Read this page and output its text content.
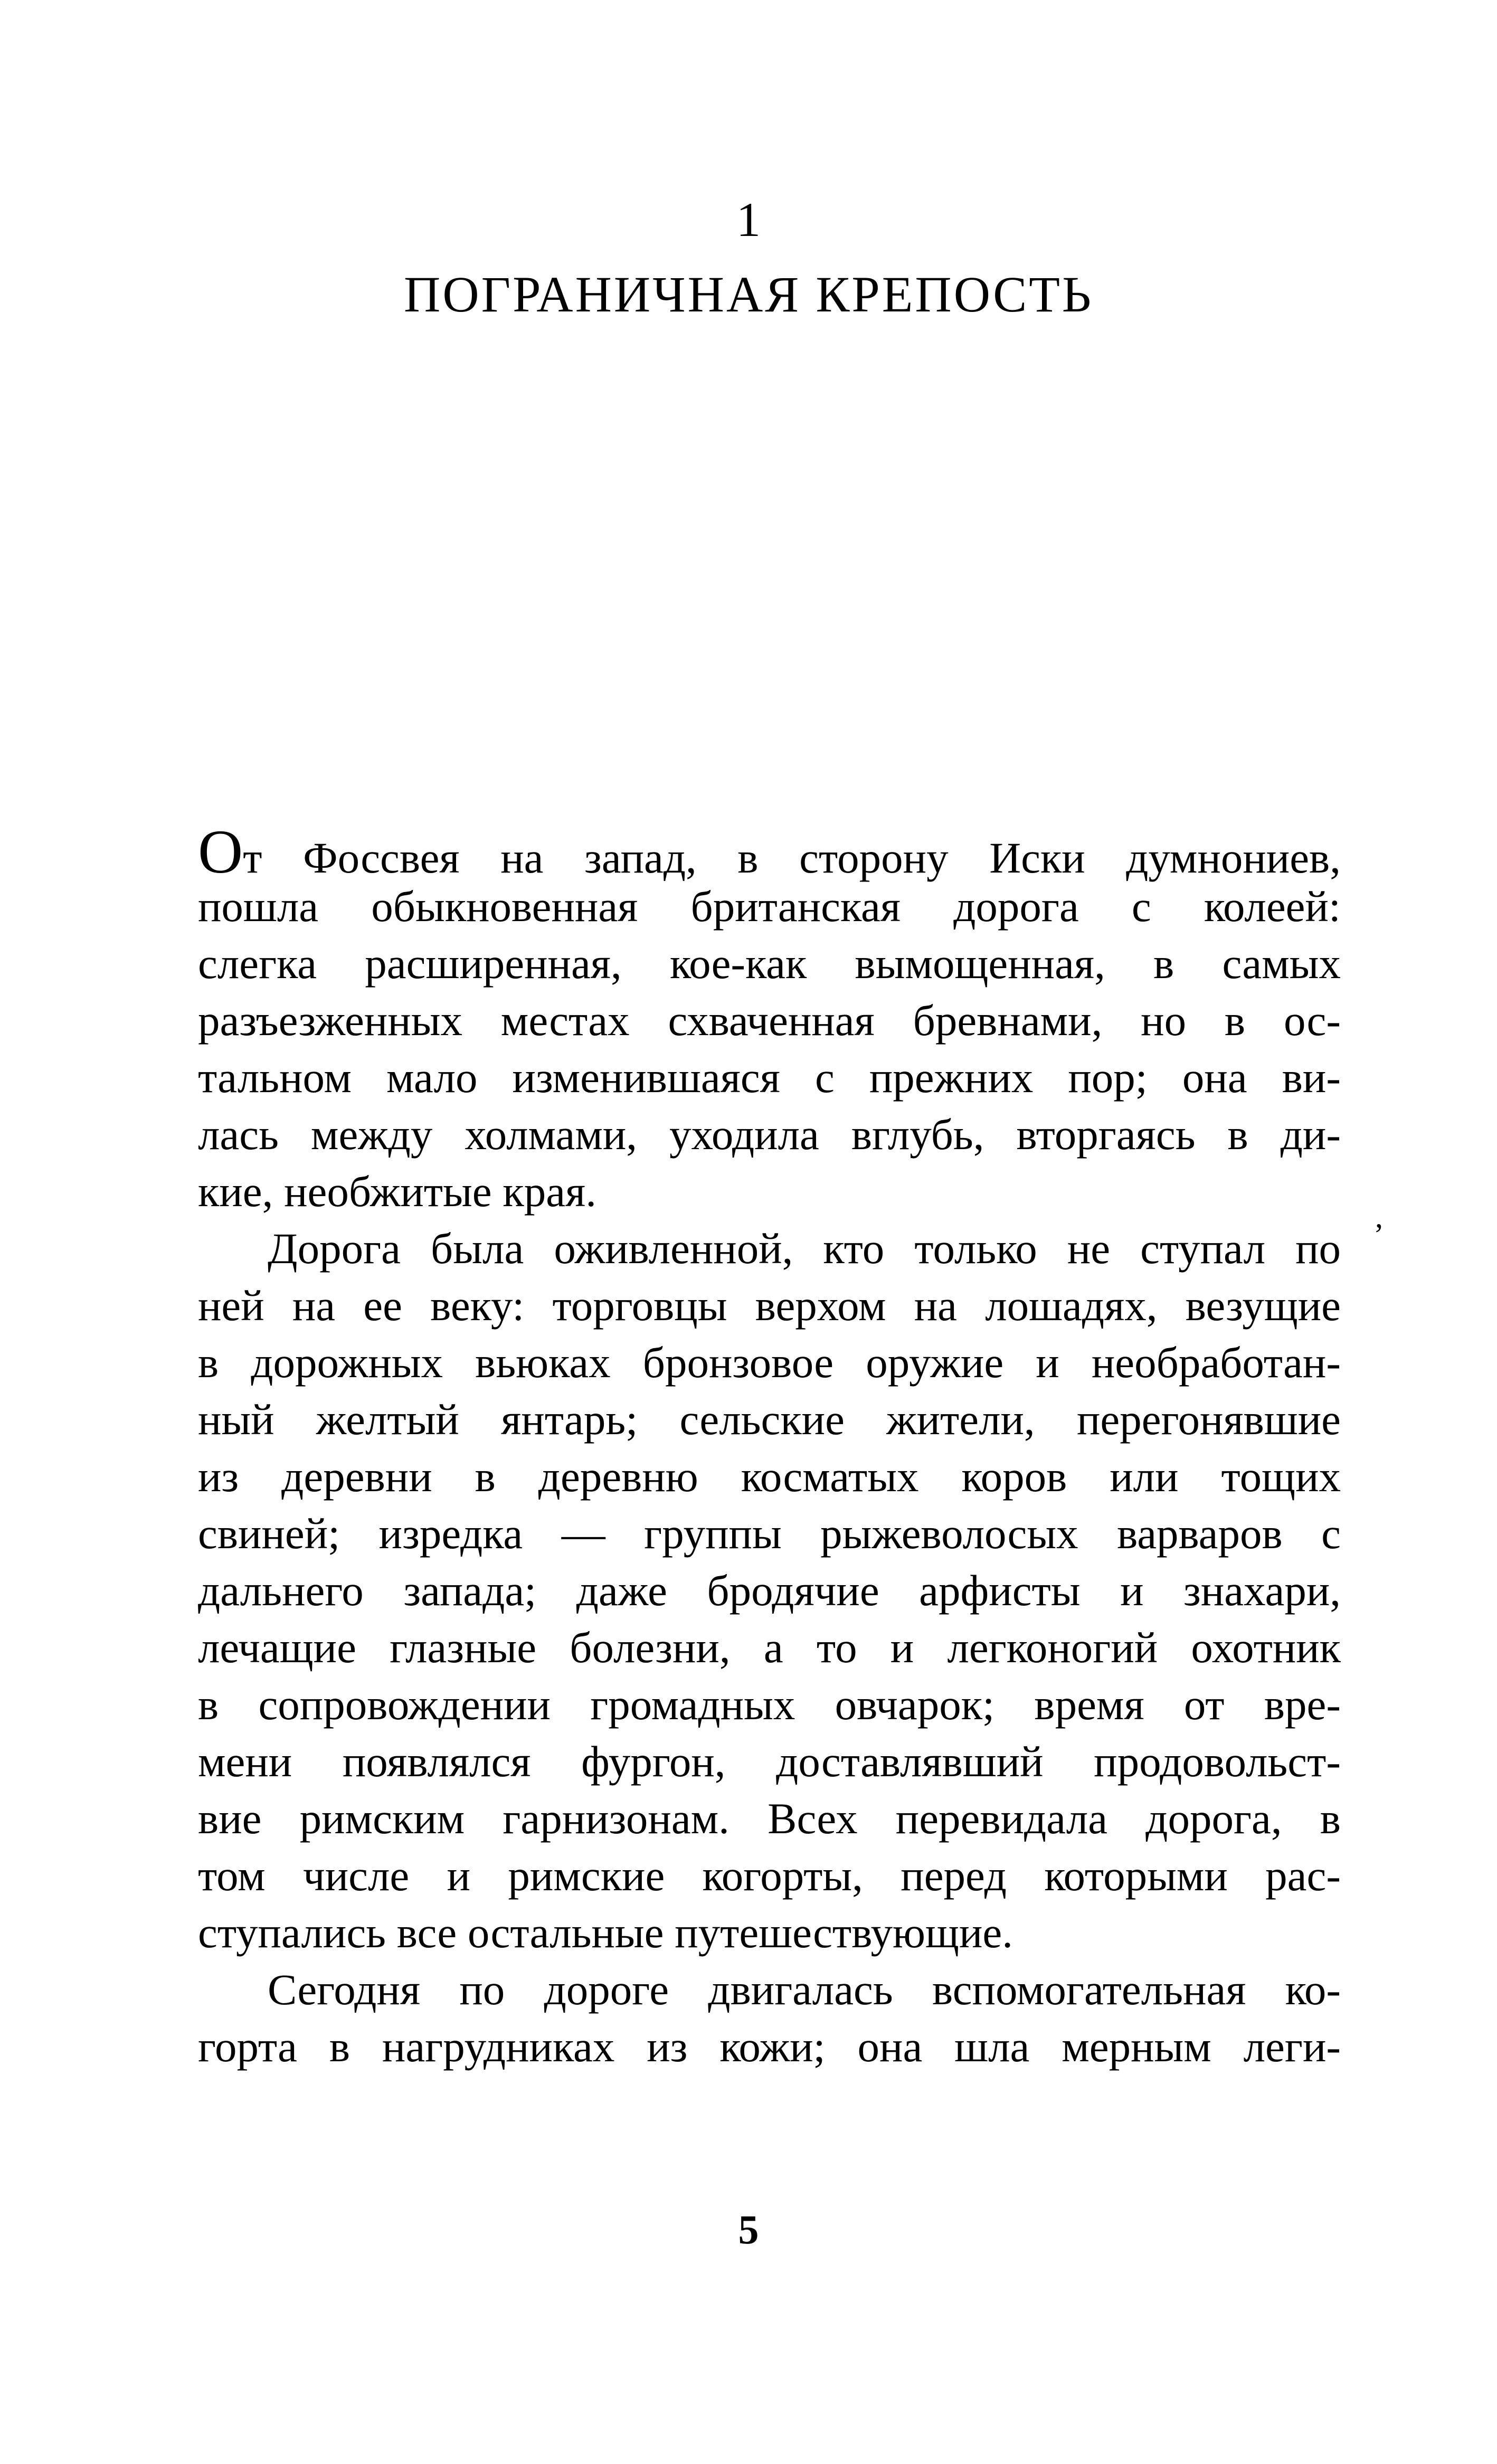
1
ПОГРАНИЧНАЯ КРЕПОСТЬ
От Фоссвея на запад, в сторону Иски думнониев,
пошла обыкновенная британская дорога с колеей:
слегка расширенная, кое-как вымощенная, в самых
разъезженных местах схваченная бревнами, но в ос-
тальном мало изменившаяся с прежних пор; она ви-
лась между холмами, уходила вглубь, вторгаясь в ди-
кие, необжитые края.
Дорога была оживленной, кто только не ступал по
ней на ее веку: торговцы верхом на лошадях, везущие
в дорожных вьюках бронзовое оружие и необработан-
ный желтый янтарь; сельские жители, перегонявшие
из деревни в деревню косматых коров или тощих
свиней; изредка — группы рыжеволосых варваров с
дальнего запада; даже бродячие арфисты и знахари,
лечащие глазные болезни, а то и легконогий охотник
в сопровождении громадных овчарок; время от вре-
мени появлялся фургон, доставлявший продовольст-
вие римским гарнизонам. Всех перевидала дорога, в
том числе и римские когорты, перед которыми рас-
ступались все остальные путешествующие.
Сегодня по дороге двигалась вспомогательная ко-
горта в нагрудниках из кожи; она шла мерным леги-
,
5
